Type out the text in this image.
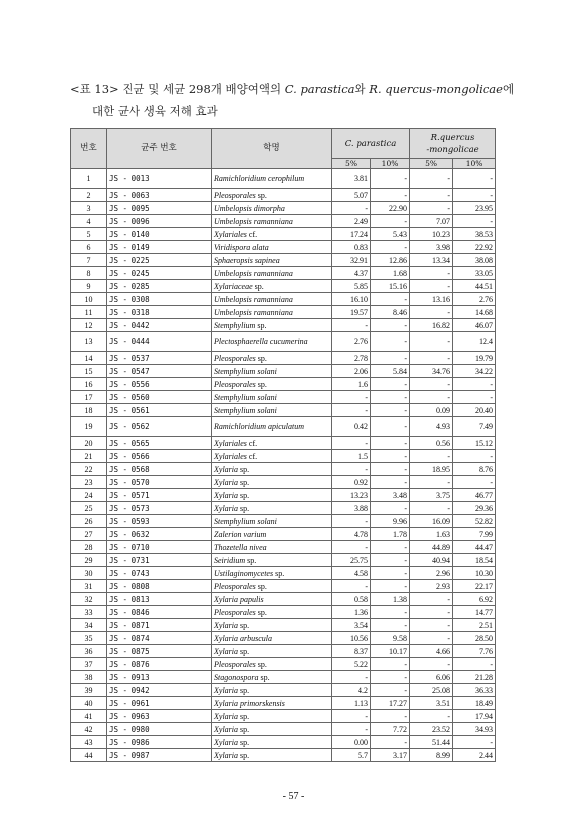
<표 13> 진균 및 세균 298개 배양여액의 C. parastica와 R. quercus-mongolicae에
대한 균사 생육 저해 효과
번호	균주 번호	학명	C. parastica		R.quercus
-mongolicae	
			5%	10%	5%	10%
1	JS - 0013	Ramichloridium cerophilum	3.81	-	-	-
2	JS - 0063	Pleosporales sp.	5.07	-	-	-
3	JS - 0095	Umbelopsis dimorpha	-	22.90	-	23.95
4	JS - 0096	Umbelopsis ramanniana	2.49	-	7.07	-
5	JS - 0140	Xylariales cf.	17.24	5.43	10.23	38.53
6	JS - 0149	Viridispora alata	0.83	-	3.98	22.92
7	JS - 0225	Sphaeropsis sapinea	32.91	12.86	13.34	38.08
8	JS - 0245	Umbelopsis ramanniana	4.37	1.68	-	33.05
9	JS - 0285	Xylariaceae sp.	5.85	15.16	-	44.51
10	JS - 0308	Umbelopsis ramanniana	16.10	-	13.16	2.76
11	JS - 0318	Umbelopsis ramanniana	19.57	8.46	-	14.68
12	JS - 0442	Stemphylium sp.	-	-	16.82	46.07
13	JS - 0444	Plectosphaerella cucumerina	2.76	-	-	12.4
14	JS - 0537	Pleosporales sp.	2.78	-	-	19.79
15	JS - 0547	Stemphylium solani	2.06	5.84	34.76	34.22
16	JS - 0556	Pleosporales sp.	1.6	-	-	-
17	JS - 0560	Stemphylium solani	-	-	-	-
18	JS - 0561	Stemphylium solani	-	-	0.09	20.40
19	JS - 0562	Ramichloridium apiculatum	0.42	-	4.93	7.49
20	JS - 0565	Xylariales cf.	-	-	0.56	15.12
21	JS - 0566	Xylariales cf.	1.5	-	-	-
22	JS - 0568	Xylaria sp.	-	-	18.95	8.76
23	JS - 0570	Xylaria sp.	0.92	-	-	-
24	JS - 0571	Xylaria sp.	13.23	3.48	3.75	46.77
25	JS - 0573	Xylaria sp.	3.88	-	-	29.36
26	JS - 0593	Stemphylium solani	-	9.96	16.09	52.82
27	JS - 0632	Zalerion varium	4.78	1.78	1.63	7.99
28	JS - 0710	Thozetella nivea	-	-	44.89	44.47
29	JS - 0731	Seiridium sp.	25.75	-	40.94	18.54
30	JS - 0743	Ustilaginomycetes sp.	4.58	-	2.96	10.30
31	JS - 0808	Pleosporales sp.	-	-	2.93	22.17
32	JS - 0813	Xylaria papulis	0.58	1.38	-	6.92
33	JS - 0846	Pleosporales sp.	1.36	-	-	14.77
34	JS - 0871	Xylaria sp.	3.54	-	-	2.51
35	JS - 0874	Xylaria arbuscula	10.56	9.58	-	28.50
36	JS - 0875	Xylaria sp.	8.37	10.17	4.66	7.76
37	JS - 0876	Pleosporales sp.	5.22	-	-	-
38	JS - 0913	Stagonospora sp.	-	-	6.06	21.28
39	JS - 0942	Xylaria sp.	4.2	-	25.08	36.33
40	JS - 0961	Xylaria primorskensis	1.13	17.27	3.51	18.49
41	JS - 0963	Xylaria sp.	-	-	-	17.94
42	JS - 0980	Xylaria sp.	-	7.72	23.52	34.93
43	JS - 0986	Xylaria sp.	0.00	-	51.44	-
44	JS - 0987	Xylaria sp.	5.7	3.17	8.99	2.44
- 57 -
